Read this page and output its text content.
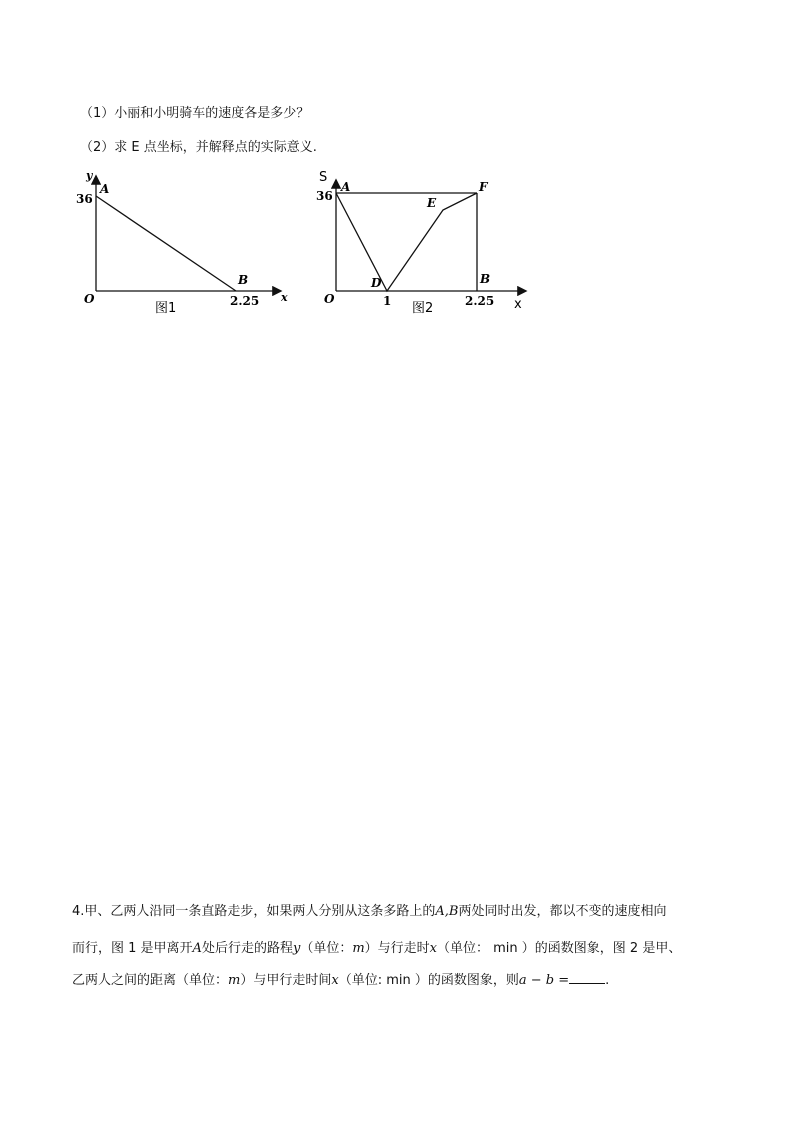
（1）小丽和小明骑车的速度各是多少？
（2）求 E 点坐标，并解释点的实际意义.
y
36
A
O
B
2.25 x
图1
S
36
A	F
E
D	B
O	1	2.25 x
图2
4.甲、乙两人沿同一条直路走步，如果两人分别从这条多路上的A,B两处同时出发，都以不变的速度相向
而行，图 1 是甲离开A处后行走的路程y（单位：m）与行走时x（单位： min ）的函数图象，图 2 是甲、
乙两人之间的距离（单位：m）与甲行走时间x（单位: min ）的函数图象，则a − b =	.
